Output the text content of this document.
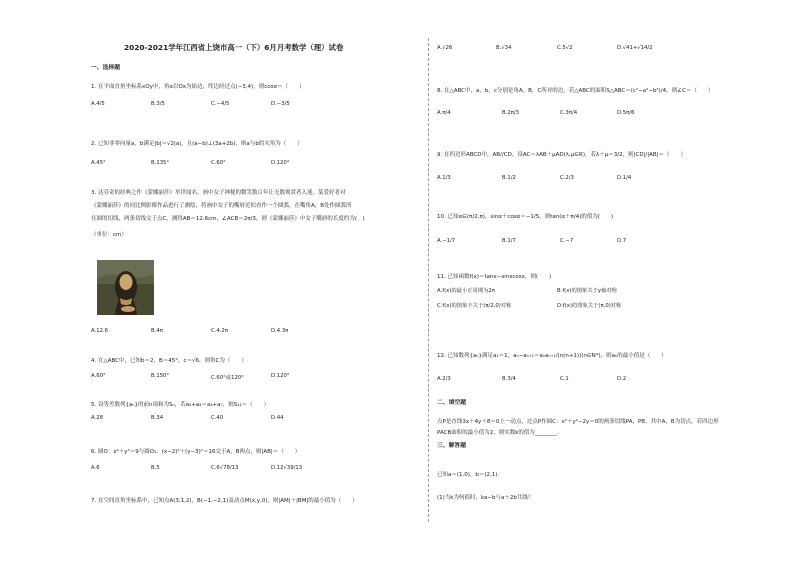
2020-2021学年江西省上饶市高一（下）6月月考数学（理）试卷
一、选择题
1. 在平面直角坐标系xOy中，角α以Ox为始边，终边经过点(−3,4)，则cosα＝（　　）
A.4/5	B.3/5	C.−4/5	D.−3/5
2. 已知非零向量a，b满足|b|＝√2|a|，且(a−b)⊥(3a+2b)，则a与b的夹角为（　　）
A.45°	B.135°	C.60°	D.120°
3. 达芬奇的经典之作《蒙娜丽莎》举世闻名，画中女子神秘的微笑数百年让无数观赏者入迷，某爱好者对
《蒙娜丽莎》的同比例影像作品进行了测绘，将画中女子的嘴唇近似看作一个圆弧，在嘴角A，B处作圆弧所
在圆的切线，两条切线交于点C，测得AB＝12.6cm，∠ACB＝2π/3，则《蒙娜丽莎》中女子嘴唇的长度约为(　)
（单位：cm）
A.12.6	B.4π	C.4.2π	D.4.3π
4. 在△ABC中，已知b＝2，B＝45°，c＝√6，则角C为（　　）
A.60°	B.150°	C.60°或120°	D.120°
5. 设等差数列{aₙ}的前n项和为Sₙ，若a₂+a₄＝a₃+a₇，则S₁₁＝（　　）
A.28	B.34	C.40	D.44
6. 圆O：x²＋y²＝9与圆O₁：(x−2)²＋(y−3)²＝16交于A，B两点，则|AB|＝（　　）
A.6	B.5	C.6√78/13	D.12√39/13
7. 在空间直角坐标系中，已知点A(3,1,2)，B(−1,−2,1)及动点M(x,y,0)，则|AM|＋|BM|的最小值为（　　）
A.√26	B.√34	C.5√2	D.√41+√14/2
8. 在△ABC中，a，b，c分别是角A，B，C所对的边，若△ABC的面积S△ABC＝(c²−a²−b²)/4，则∠C＝（　　）
A.π/4	B.2π/3	C.3π/4	D.5π/6
9. 在四边形ABCD中，AB//CD，设AC＝λAB＋μAD(λ,μ∈R)，若λ＋μ＝3/2，则|CD|/|AB|＝（　　）
A.1/3	B.1/2	C.2/3	D.1/4
10. 已知α∈(π/2,π)，sinα＋cosα＝−1/5，则tan(α＋π/4)的值为(　　)
A.−1/7	B.1/7	C.−7	D.7
11. 已知函数f(x)＝tanx−sinxcosx，则(　　)
A.f(x)的最小正周期为2π	B.f(x)的图象关于y轴对称
C.f(x)的图象不关于(π/2,0)对称	D.f(x)的图象关于(π,0)对称
12. 已知数列{aₙ}满足a₁＝1，aₙ−aₙ₊₁＝aₙaₙ₊₁/(n(n+1))(n∈N*)，则aₙ的最小值是（　　）
A.2/3	B.3/4	C.1	D.2
二、填空题
点P是直线3x＋4y＋8＝0上一动点，过点P作圆C：x²＋y²−2y＝0的两条切线PA，PB，其中A，B为切点，若四边形
PACB面积的最小值为2，则实数k的值为________.
三、解答题
已知a＝(1,0)，b＝(2,1).
(1)当k为何值时，ka−b与a＋2b共线？
